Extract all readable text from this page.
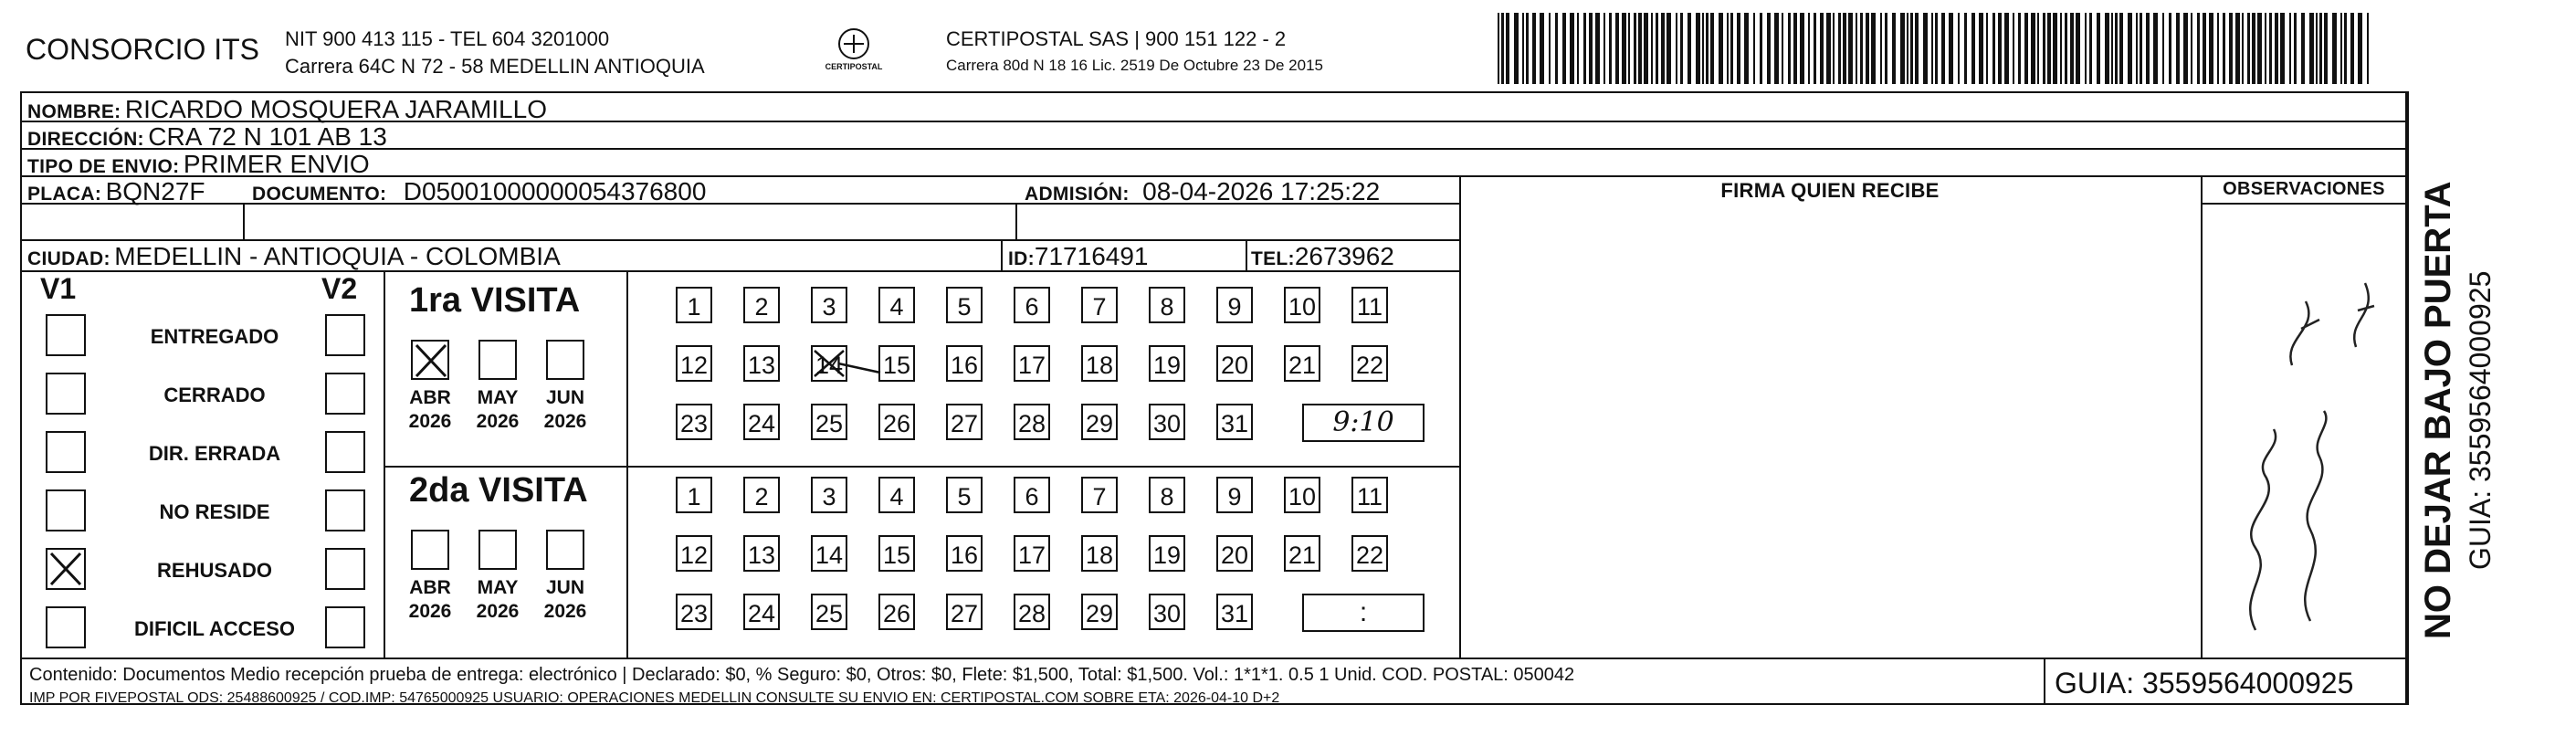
CONSORCIO ITS NIT 900 413 115 - TEL 604 3201000
Carrera 64C N 72 - 58 MEDELLIN ANTIOQUIA	CERTIPOSTAL
CERTIPOSTAL SAS | 900 151 122 - 2
Carrera 80d N 18 16 Lic. 2519 De Octubre 23 De 2015
NOMBRE: RICARDO MOSQUERA JARAMILLO
DIRECCIÓN: CRA 72 N 101 AB 13
TIPO DE ENVIO: PRIMER ENVIO
PLACA: BQN27F DOCUMENTO: D05001000000054376800	ADMISIÓN: 08-04-2026 17:25:22
CIUDAD: MEDELLIN - ANTIOQUIA - COLOMBIA	ID:71716491	TEL:2673962
FIRMA QUIEN RECIBE	OBSERVACIONES NO DEJAR BAJO PUERTA GUIA: 3559564000925
V1	V2
ENTREGADO
CERRADO
DIR. ERRADA
NO RESIDE
REHUSADO
DIFICIL ACCESO
1ra VISITA
2da VISITA
ABR
2026
MAY
2026
JUN
2026
1	2	3	4	5	6	7	8	9	10 11
12 13 14 15 16 17 18 19 20 21 22
23 24 25 26 27 28 29 30 31	9:10
ABR
2026
MAY
2026
JUN
2026
1	2	3	4	5	6	7	8	9	10 11
12 13 14 15 16 17 18 19 20 21 22
23 24 25 26 27 28 29 30 31	:
Contenido: Documentos Medio recepción prueba de entrega: electrónico | Declarado: $0, % Seguro: $0, Otros: $0, Flete: $1,500, Total: $1,500. Vol.: 1*1*1. 0.5 1 Unid. COD. POSTAL: 050042
IMP POR FIVEPOSTAL ODS: 25488600925 / COD.IMP: 54765000925 USUARIO: OPERACIONES MEDELLIN CONSULTE SU ENVIO EN: CERTIPOSTAL.COM SOBRE ETA: 2026-04-10 D+2	GUIA: 3559564000925
